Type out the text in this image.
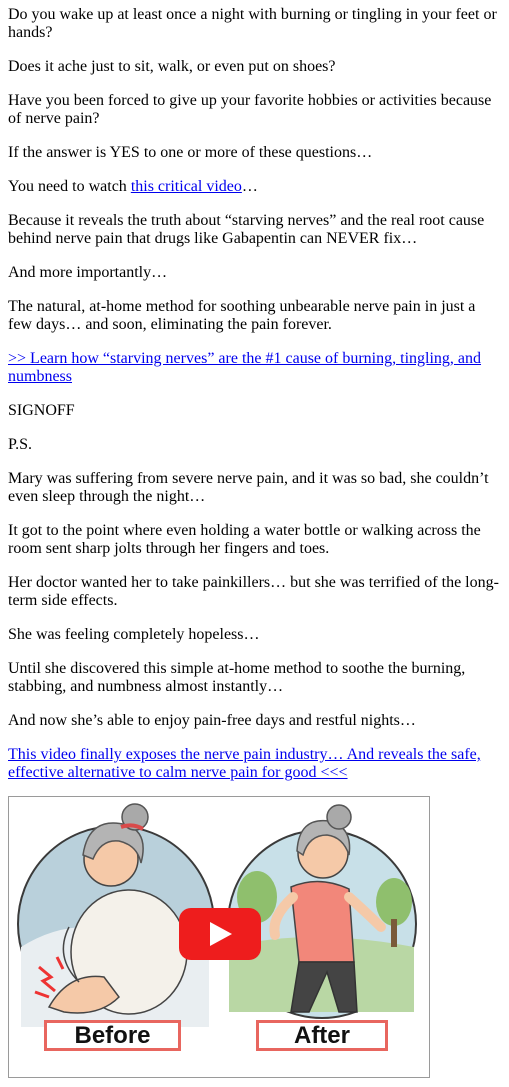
Do you wake up at least once a night with burning or tingling in your feet or hands?

Does it ache just to sit, walk, or even put on shoes?

Have you been forced to give up your favorite hobbies or activities because of nerve pain?

If the answer is YES to one or more of these questions…

You need to watch this critical video…

Because it reveals the truth about “starving nerves” and the real root cause behind nerve pain that drugs like Gabapentin can NEVER fix…

And more importantly…

The natural, at-home method for soothing unbearable nerve pain in just a few days… and soon, eliminating the pain forever.

>> Learn how “starving nerves” are the #1 cause of burning, tingling, and numbness

SIGNOFF

P.S.

Mary was suffering from severe nerve pain, and it was so bad, she couldn’t even sleep through the night…

It got to the point where even holding a water bottle or walking across the room sent sharp jolts through her fingers and toes.

Her doctor wanted her to take painkillers… but she was terrified of the long-term side effects.

She was feeling completely hopeless…

Until she discovered this simple at-home method to soothe the burning, stabbing, and numbness almost instantly…

And now she’s able to enjoy pain-free days and restful nights…

This video finally exposes the nerve pain industry… And reveals the safe, effective alternative to calm nerve pain for good <<<

Before	After
